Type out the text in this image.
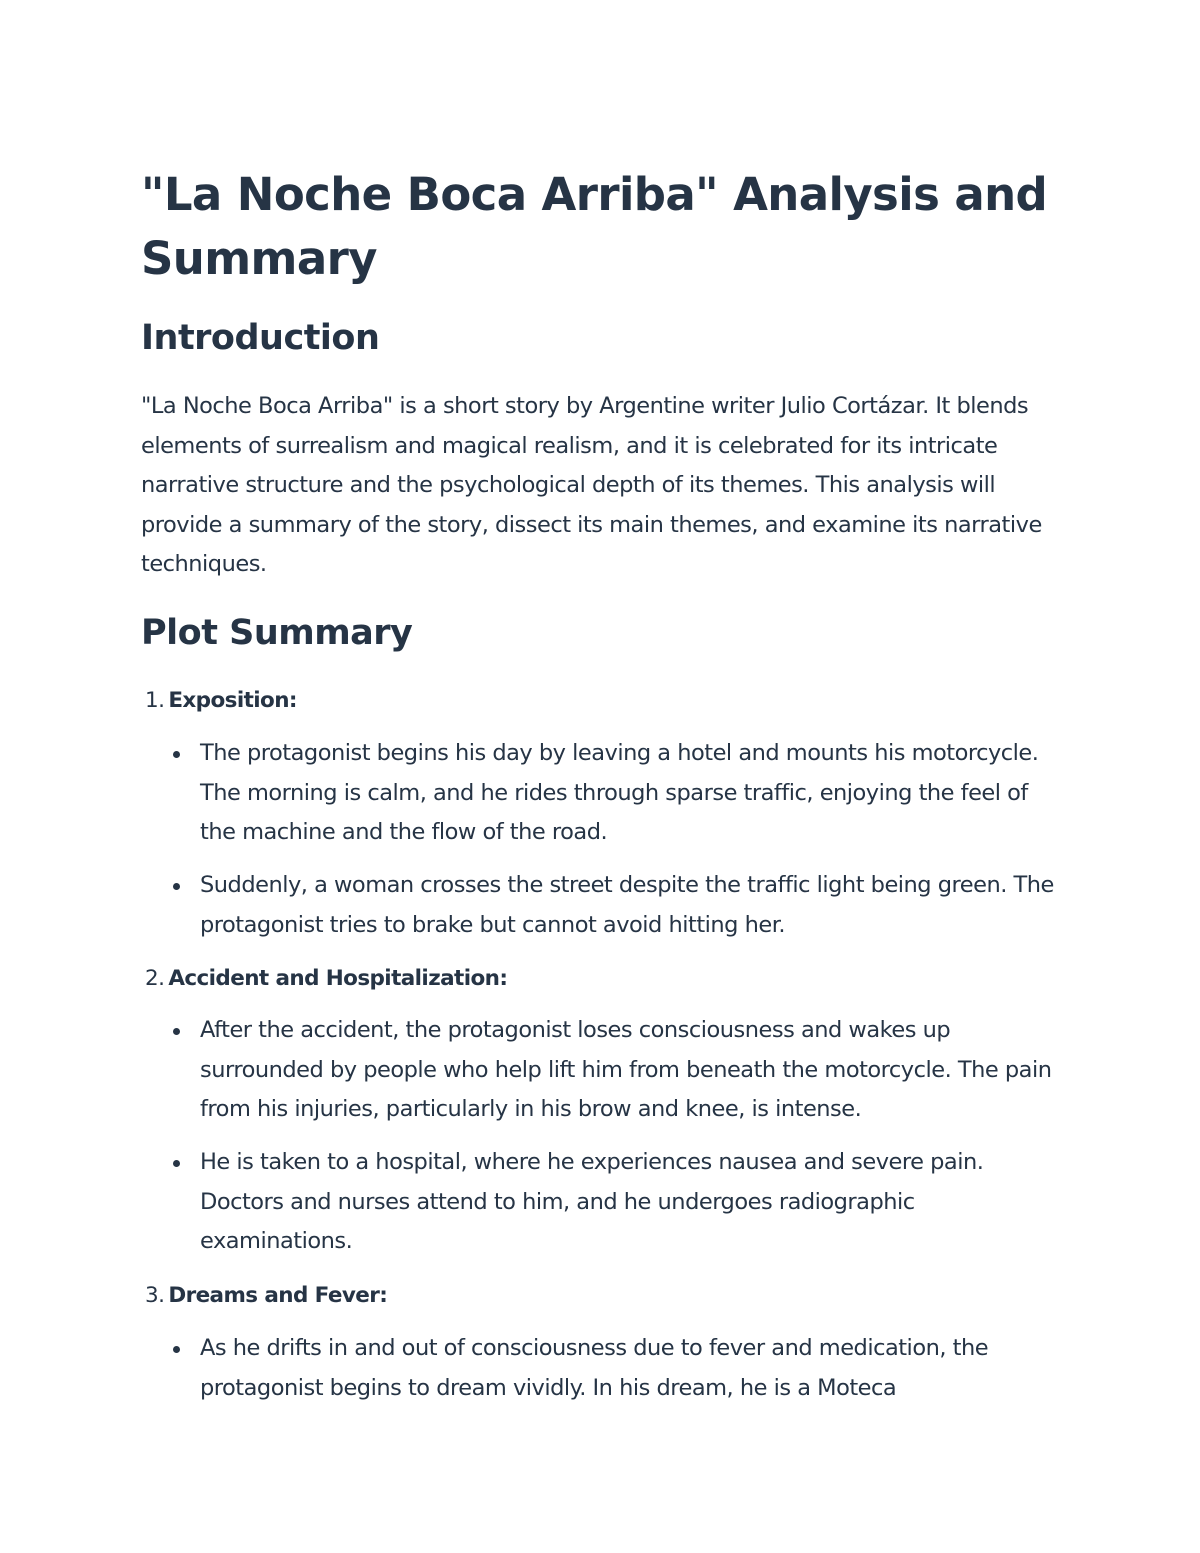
"La Noche Boca Arriba" Analysis and Summary
Introduction

"La Noche Boca Arriba" is a short story by Argentine writer Julio Cortázar. It blends elements of surrealism and magical realism, and it is celebrated for its intricate narrative structure and the psychological depth of its themes. This analysis will provide a summary of the story, dissect its main themes, and examine its narrative techniques.

Plot Summary
1. Exposition:
The protagonist begins his day by leaving a hotel and mounts his motorcycle. The morning is calm, and he rides through sparse traffic, enjoying the feel of the machine and the flow of the road.
Suddenly, a woman crosses the street despite the traffic light being green. The protagonist tries to brake but cannot avoid hitting her.
2. Accident and Hospitalization:
After the accident, the protagonist loses consciousness and wakes up surrounded by people who help lift him from beneath the motorcycle. The pain from his injuries, particularly in his brow and knee, is intense.
He is taken to a hospital, where he experiences nausea and severe pain. Doctors and nurses attend to him, and he undergoes radiographic examinations.
3. Dreams and Fever:
As he drifts in and out of consciousness due to fever and medication, the protagonist begins to dream vividly. In his dream, he is a Moteca
